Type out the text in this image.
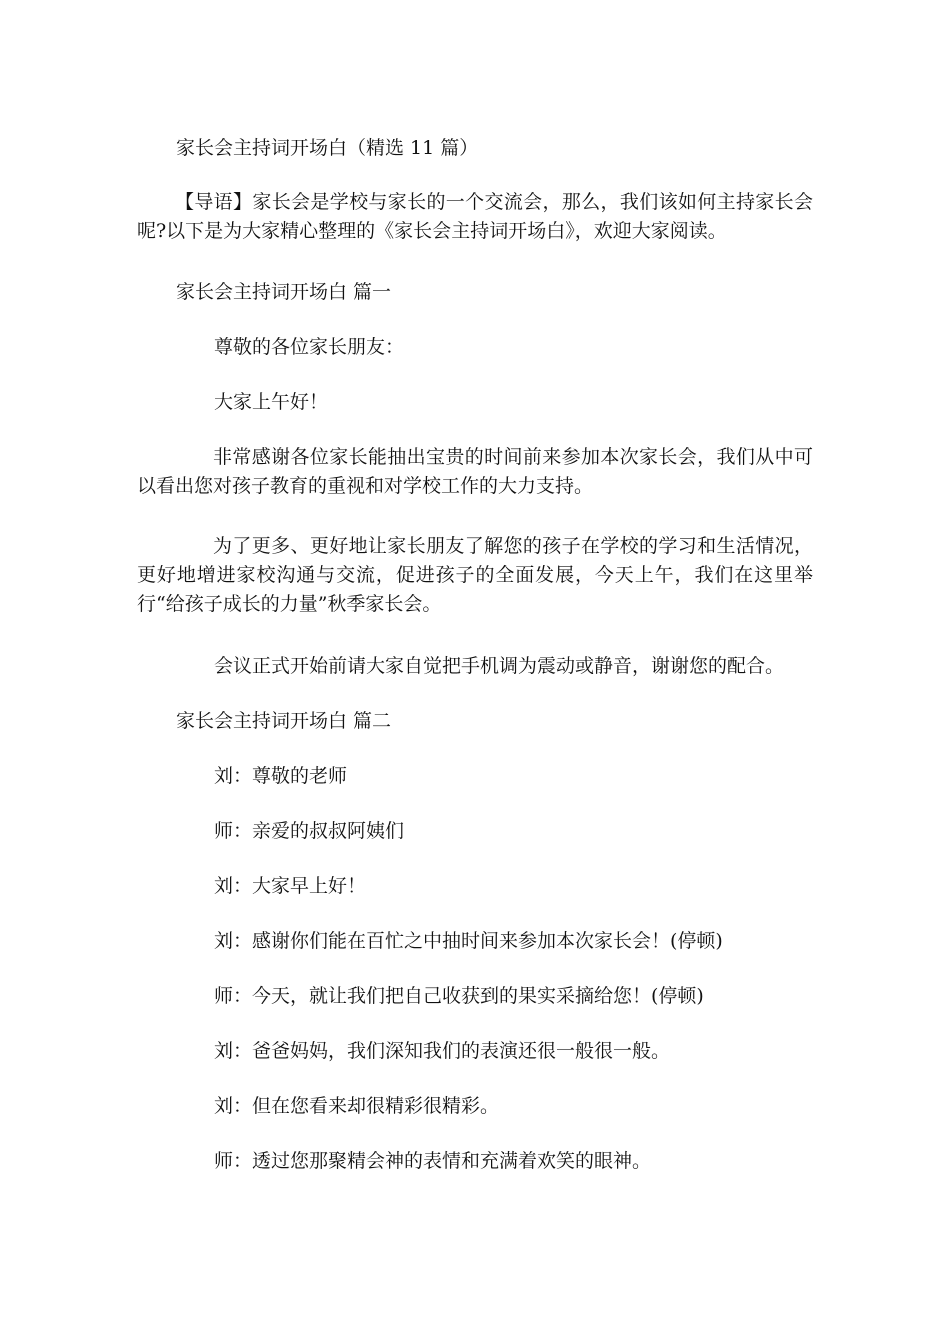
家长会主持词开场白（精选 11 篇）
【导语】家长会是学校与家长的一个交流会，那么，我们该如何主持家长会呢?以下是为大家精心整理的《家长会主持词开场白》，欢迎大家阅读。
家长会主持词开场白 篇一
尊敬的各位家长朋友：
大家上午好！
非常感谢各位家长能抽出宝贵的时间前来参加本次家长会，我们从中可以看出您对孩子教育的重视和对学校工作的大力支持。
为了更多、更好地让家长朋友了解您的孩子在学校的学习和生活情况，更好地增进家校沟通与交流，促进孩子的全面发展，今天上午，我们在这里举行“给孩子成长的力量”秋季家长会。
会议正式开始前请大家自觉把手机调为震动或静音，谢谢您的配合。
家长会主持词开场白 篇二
刘：尊敬的老师
师：亲爱的叔叔阿姨们
刘：大家早上好！
刘：感谢你们能在百忙之中抽时间来参加本次家长会！(停顿)
师：今天，就让我们把自己收获到的果实采摘给您！(停顿)
刘：爸爸妈妈，我们深知我们的表演还很一般很一般。
刘：但在您看来却很精彩很精彩。
师：透过您那聚精会神的表情和充满着欢笑的眼神。
